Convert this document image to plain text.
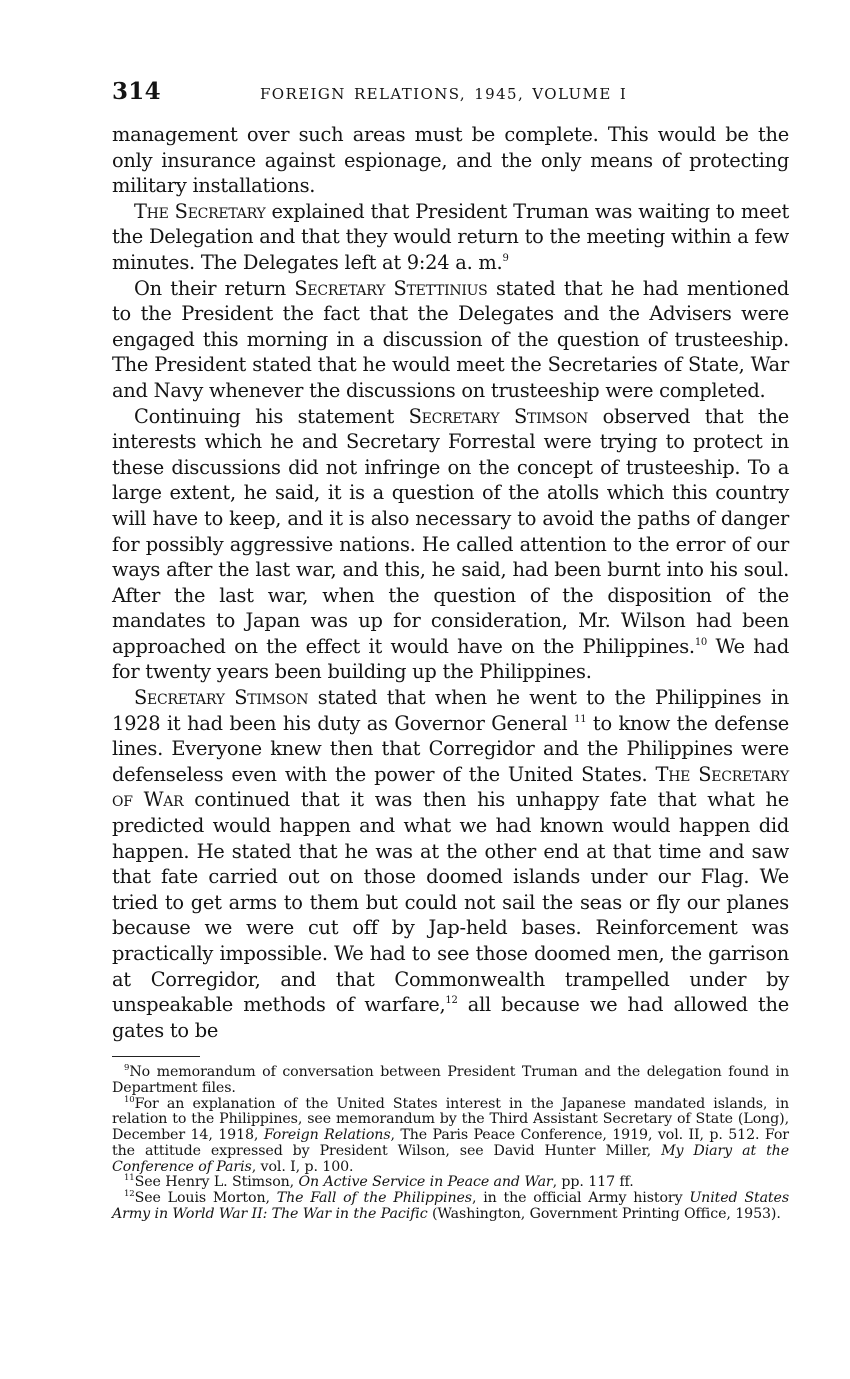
314	FOREIGN RELATIONS, 1945, VOLUME I

management over such areas must be complete. This would be the only insurance against espionage, and the only means of protecting military installations.

The Secretary explained that President Truman was waiting to meet the Delegation and that they would return to the meeting within a few minutes. The Delegates left at 9:24 a. m.$^9$

On their return Secretary Stettinius stated that he had mentioned to the President the fact that the Delegates and the Advisers were engaged this morning in a discussion of the question of trusteeship. The President stated that he would meet the Secretaries of State, War and Navy whenever the discussions on trusteeship were completed.

Continuing his statement Secretary Stimson observed that the interests which he and Secretary Forrestal were trying to protect in these discussions did not infringe on the concept of trusteeship. To a large extent, he said, it is a question of the atolls which this country will have to keep, and it is also necessary to avoid the paths of danger for possibly aggressive nations. He called attention to the error of our ways after the last war, and this, he said, had been burnt into his soul. After the last war, when the question of the disposition of the mandates to Japan was up for consideration, Mr. Wilson had been approached on the effect it would have on the Philippines.$^{10}$ We had for twenty years been building up the Philippines.

Secretary Stimson stated that when he went to the Philippines in 1928 it had been his duty as Governor General $^{11}$ to know the defense lines. Everyone knew then that Corregidor and the Philippines were defenseless even with the power of the United States. The Secretary of War continued that it was then his unhappy fate that what he predicted would happen and what we had known would happen did happen. He stated that he was at the other end at that time and saw that fate carried out on those doomed islands under our Flag. We tried to get arms to them but could not sail the seas or fly our planes because we were cut off by Jap-held bases. Reinforcement was practically impossible. We had to see those doomed men, the garrison at Corregidor, and that Commonwealth trampelled under by unspeakable methods of warfare,$^{12}$ all because we had allowed the gates to be

$^9$No memorandum of conversation between President Truman and the delegation found in Department files.

$^{10}$For an explanation of the United States interest in the Japanese mandated islands, in relation to the Philippines, see memorandum by the Third Assistant Secretary of State (Long), December 14, 1918, Foreign Relations, The Paris Peace Conference, 1919, vol. II, p. 512. For the attitude expressed by President Wilson, see David Hunter Miller, My Diary at the Conference of Paris, vol. I, p. 100.

$^{11}$See Henry L. Stimson, On Active Service in Peace and War, pp. 117 ff.

$^{12}$See Louis Morton, The Fall of the Philippines, in the official Army history United States Army in World War II: The War in the Pacific (Washington, Government Printing Office, 1953).
